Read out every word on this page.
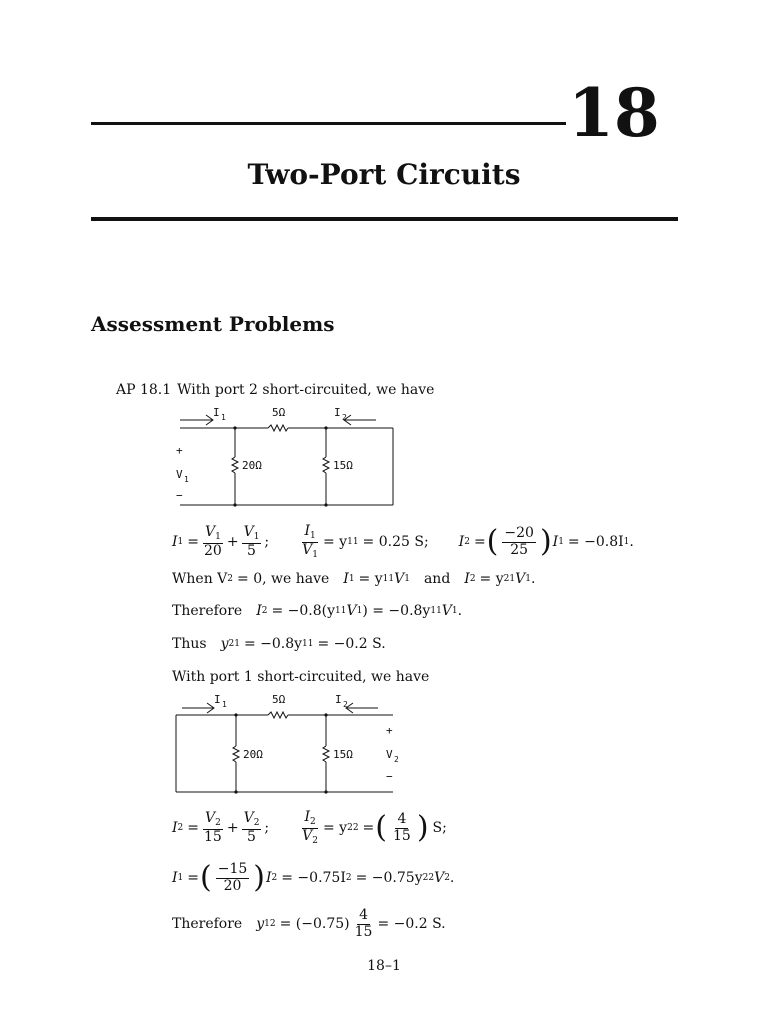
18
Two-Port Circuits
Assessment Problems
AP 18.1 With port 2 short-circuited, we have
I 1	5Ω	I 2
20Ω	15Ω
+
V 1
−
I $1 = \frac{V_1}{20} + \frac{V_1}{5}$ ; $\frac{I_1}{V_1} = y$ 11 = 0.25 S; I 2 = ( $\frac{-20}{25}$ ) I 1 = −0.8I 1 .
When V 2 = 0, we have I 1 = y 11 V 1 and I 2 = y 21 V 1 .
Therefore I 2 = −0.8(y 11 V 1 ) = −0.8y 11 V 1 .
Thus y 21 = −0.8y 11 = −0.2 S.
With port 1 short-circuited, we have
I 1	5Ω	I 2
20Ω	15Ω
+
V 2
−
I $2 = \frac{V_2}{15} + \frac{V_2}{5}$ ; $\frac{I_2}{V_2} = y$ 22 = ( $\frac{4}{15}$ ) S;
I 1 = ( $\frac{-15}{20}$ ) I 2 = −0.75I 2 = −0.75y 22 V 2 .
Therefore y $12 = (-0.75) \frac{4}{15} = -0.2$ S.
18–1
